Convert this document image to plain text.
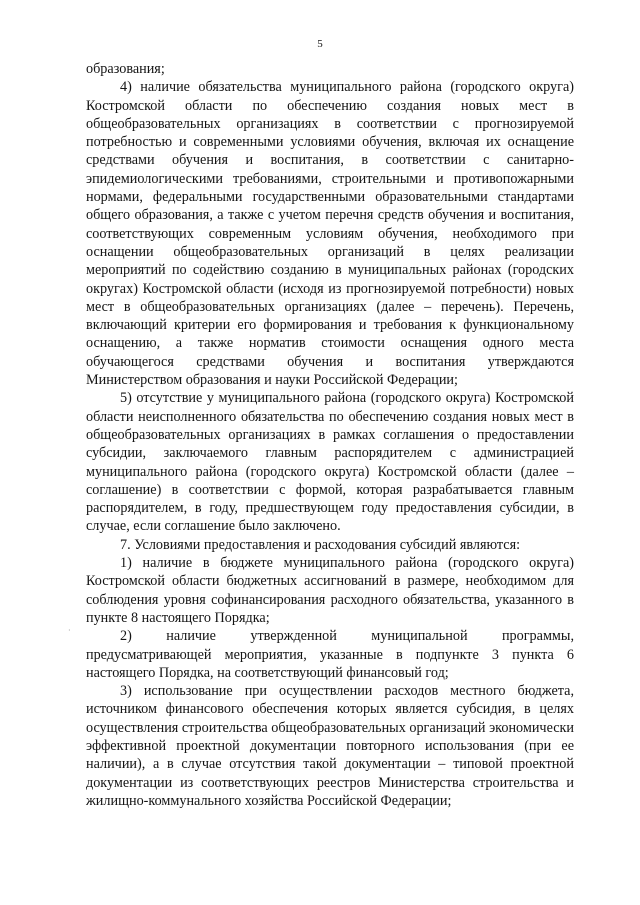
5

образования;

4) наличие обязательства муниципального района (городского округа) Костромской области по обеспечению создания новых мест в общеобразовательных организациях в соответствии с прогнозируемой потребностью и современными условиями обучения, включая их оснащение средствами обучения и воспитания, в соответствии с санитарно-эпидемиологическими требованиями, строительными и противопожарными нормами, федеральными государственными образовательными стандартами общего образования, а также с учетом перечня средств обучения и воспитания, соответствующих современным условиям обучения, необходимого при оснащении общеобразовательных организаций в целях реализации мероприятий по содействию созданию в муниципальных районах (городских округах) Костромской области (исходя из прогнозируемой потребности) новых мест в общеобразовательных организациях (далее – перечень). Перечень, включающий критерии его формирования и требования к функциональному оснащению, а также норматив стоимости оснащения одного места обучающегося средствами обучения и воспитания утверждаются Министерством образования и науки Российской Федерации;

5) отсутствие у муниципального района (городского округа) Костромской области неисполненного обязательства по обеспечению создания новых мест в общеобразовательных организациях в рамках соглашения о предоставлении субсидии, заключаемого главным распорядителем с администрацией муниципального района (городского округа) Костромской области (далее – соглашение) в соответствии с формой, которая разрабатывается главным распорядителем, в году, предшествующем году предоставления субсидии, в случае, если соглашение было заключено.

7. Условиями предоставления и расходования субсидий являются:

1) наличие в бюджете муниципального района (городского округа) Костромской области бюджетных ассигнований в размере, необходимом для соблюдения уровня софинансирования расходного обязательства, указанного в пункте 8 настоящего Порядка;

2) наличие утвержденной муниципальной программы, предусматривающей мероприятия, указанные в подпункте 3 пункта 6 настоящего Порядка, на соответствующий финансовый год;

3) использование при осуществлении расходов местного бюджета, источником финансового обеспечения которых является субсидия, в целях осуществления строительства общеобразовательных организаций экономически эффективной проектной документации повторного использования (при ее наличии), а в случае отсутствия такой документации – типовой проектной документации из соответствующих реестров Министерства строительства и жилищно-коммунального хозяйства Российской Федерации;

·
